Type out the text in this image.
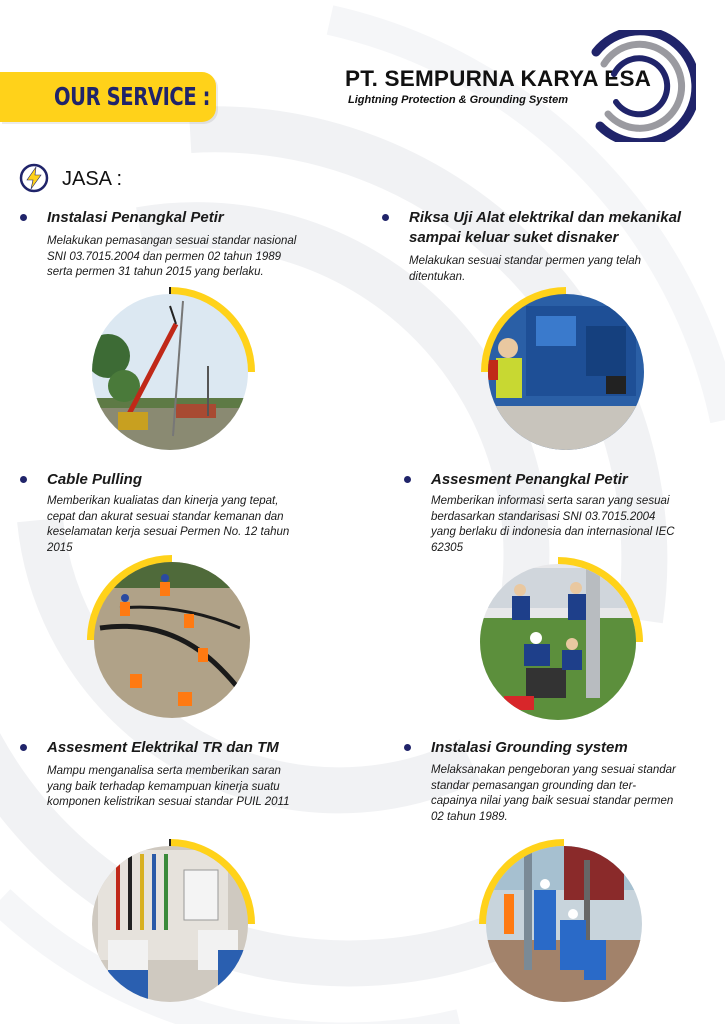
OUR SERVICE :
PT. SEMPURNA KARYA ESA
Lightning Protection & Grounding System
JASA :
Instalasi Penangkal Petir
Melakukan pemasangan sesuai standar nasional
SNI 03.7015.2004 dan permen 02 tahun 1989
serta permen 31 tahun 2015 yang berlaku.
Riksa Uji Alat elektrikal dan mekanikal
sampai keluar suket disnaker
Melakukan sesuai standar permen yang telah
ditentukan.
Cable Pulling
Memberikan kualiatas dan kinerja yang tepat,
cepat dan akurat sesuai standar kemanan dan
keselamatan kerja sesuai Permen No. 12 tahun
2015
Assesment Penangkal Petir
Memberikan informasi serta saran yang sesuai
berdasarkan standarisasi SNI 03.7015.2004
yang berlaku di indonesia dan internasional IEC
62305
Assesment Elektrikal TR dan TM
Mampu menganalisa serta memberikan saran
yang baik terhadap kemampuan kinerja suatu
komponen kelistrikan sesuai standar PUIL 2011
Instalasi Grounding system
Melaksanakan pengeboran yang sesuai standar
standar pemasangan grounding dan ter-
capainya nilai yang baik sesuai standar permen
02 tahun 1989.
